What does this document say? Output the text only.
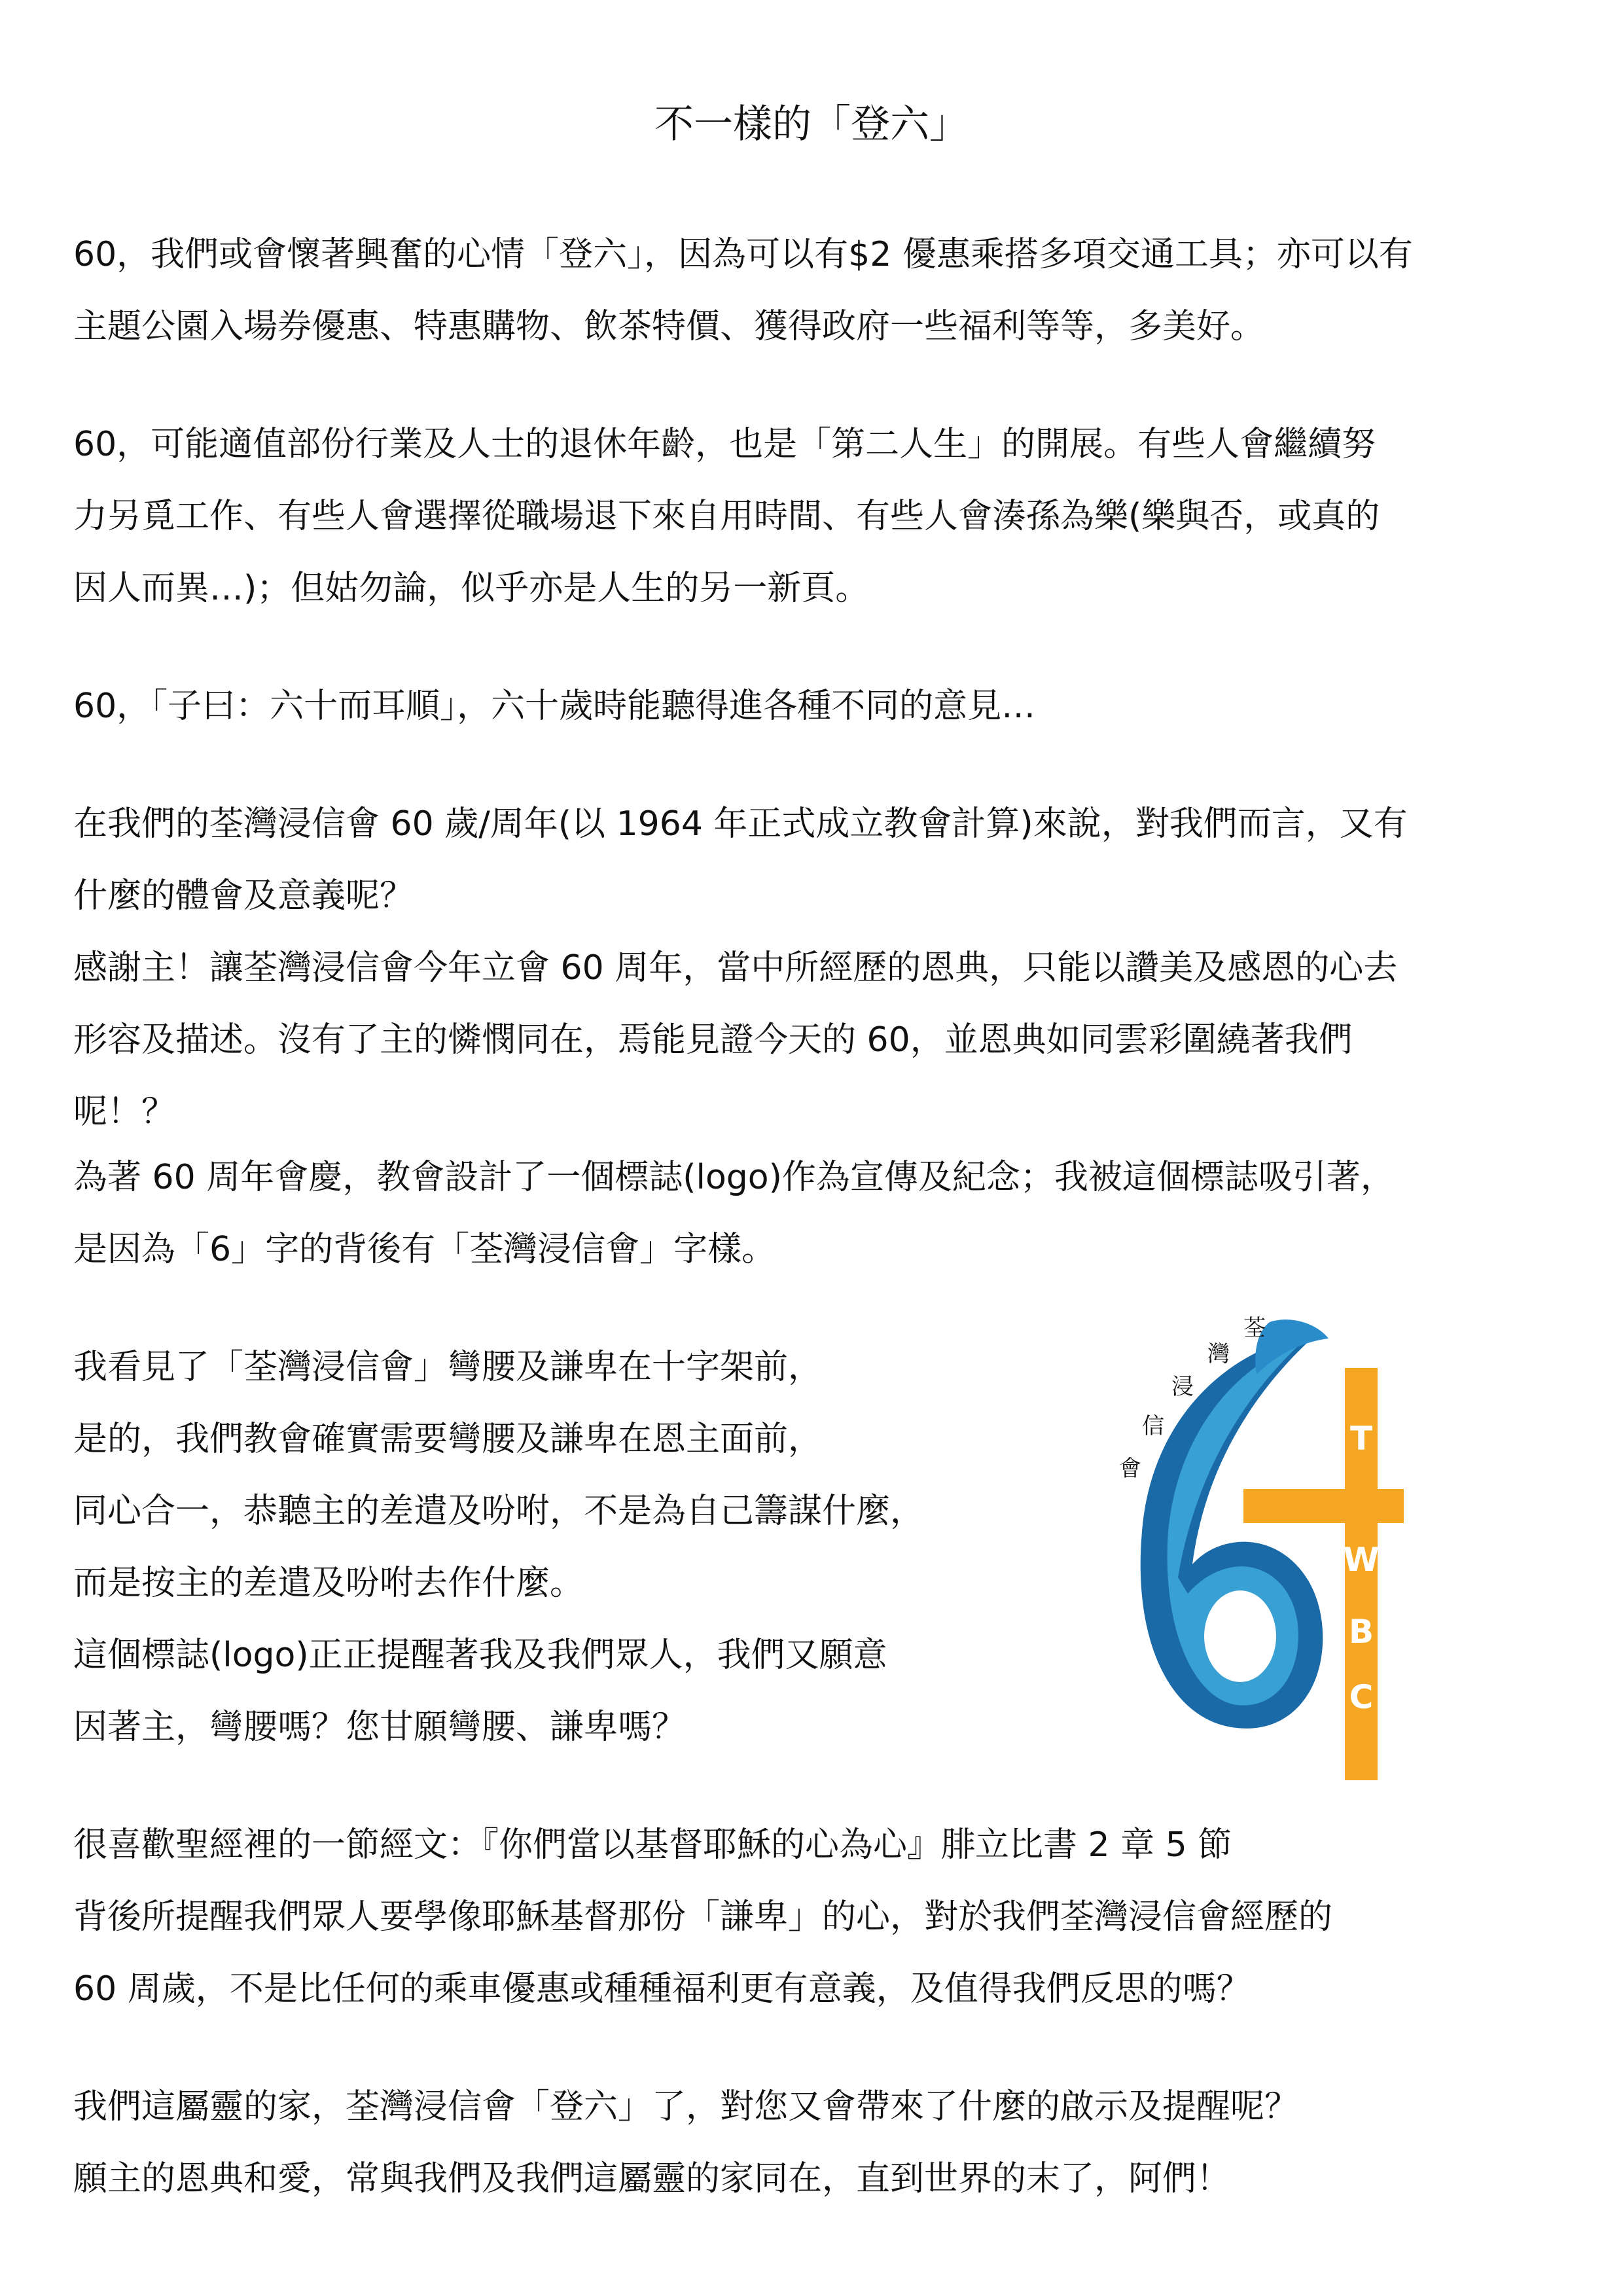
不一樣的「登六」

60，我們或會懷著興奮的心情「登六」，因為可以有$2 優惠乘搭多項交通工具；亦可以有
主題公園入場券優惠、特惠購物、飲茶特價、獲得政府一些福利等等，多美好。

60，可能適值部份行業及人士的退休年齡，也是「第二人生」的開展。有些人會繼續努
力另覓工作、有些人會選擇從職場退下來自用時間、有些人會湊孫為樂(樂與否，或真的
因人而異…)；但姑勿論，似乎亦是人生的另一新頁。

60，「子曰：六十而耳順」，六十歲時能聽得進各種不同的意見…

在我們的荃灣浸信會 60 歲/周年(以 1964 年正式成立教會計算)來說，對我們而言，又有
什麼的體會及意義呢？
感謝主！讓荃灣浸信會今年立會 60 周年，當中所經歷的恩典，只能以讚美及感恩的心去
形容及描述。沒有了主的憐憫同在，焉能見證今天的 60，並恩典如同雲彩圍繞著我們
呢！？

為著 60 周年會慶，教會設計了一個標誌(logo)作為宣傳及紀念；我被這個標誌吸引著，
是因為「6」字的背後有「荃灣浸信會」字樣。

我看見了「荃灣浸信會」彎腰及謙卑在十字架前，
是的，我們教會確實需要彎腰及謙卑在恩主面前，
同心合一，恭聽主的差遣及吩咐，不是為自己籌謀什麼，
而是按主的差遣及吩咐去作什麼。
這個標誌(logo)正正提醒著我及我們眾人，我們又願意
因著主，彎腰嗎？您甘願彎腰、謙卑嗎？

很喜歡聖經裡的一節經文：『你們當以基督耶穌的心為心』腓立比書 2 章 5 節
背後所提醒我們眾人要學像耶穌基督那份「謙卑」的心，對於我們荃灣浸信會經歷的
60 周歲，不是比任何的乘車優惠或種種福利更有意義，及值得我們反思的嗎？

我們這屬靈的家，荃灣浸信會「登六」了，對您又會帶來了什麼的啟示及提醒呢？
願主的恩典和愛，常與我們及我們這屬靈的家同在，直到世界的末了，阿們！

T
W
B
C
荃
灣
浸
信
會
